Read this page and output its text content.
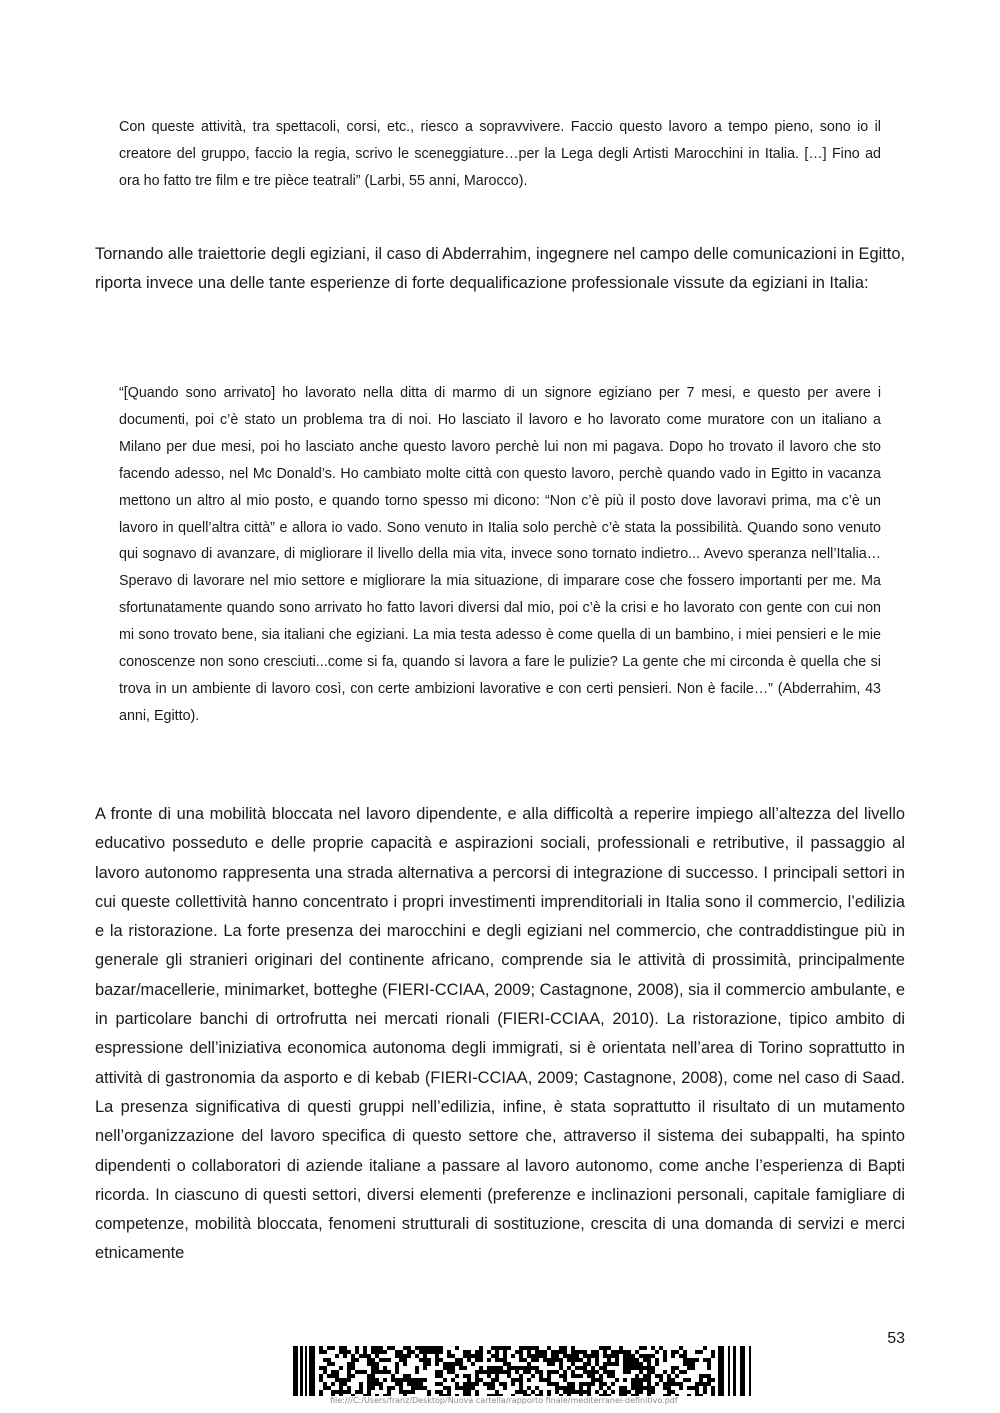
Con queste attività, tra spettacoli, corsi, etc., riesco a sopravvivere. Faccio questo lavoro a tempo pieno, sono io il creatore del gruppo, faccio la regia, scrivo le sceneggiature…per la Lega degli Artisti Marocchini in Italia. […] Fino ad ora ho fatto tre film e tre pièce teatrali” (Larbi, 55 anni, Marocco).

Tornando alle traiettorie degli egiziani, il caso di Abderrahim, ingegnere nel campo delle comunicazioni in Egitto, riporta invece una delle tante esperienze di forte dequalificazione professionale vissute da egiziani in Italia:

“[Quando sono arrivato] ho lavorato nella ditta di marmo di un signore egiziano per 7 mesi, e questo per avere i documenti, poi c’è stato un problema tra di noi. Ho lasciato il lavoro e ho lavorato come muratore con un italiano a Milano per due mesi, poi ho lasciato anche questo lavoro perchè lui non mi pagava. Dopo ho trovato il lavoro che sto facendo adesso, nel Mc Donald’s. Ho cambiato molte città con questo lavoro, perchè quando vado in Egitto in vacanza mettono un altro al mio posto, e quando torno spesso mi dicono: “Non c’è più il posto dove lavoravi prima, ma c’è un lavoro in quell’altra città” e allora io vado. Sono venuto in Italia solo perchè c’è stata la possibilità. Quando sono venuto qui sognavo di avanzare, di migliorare il livello della mia vita, invece sono tornato indietro... Avevo speranza nell’Italia… Speravo di lavorare nel mio settore e migliorare la mia situazione, di imparare cose che fossero importanti per me. Ma sfortunatamente quando sono arrivato ho fatto lavori diversi dal mio, poi c’è la crisi e ho lavorato con gente con cui non mi sono trovato bene, sia italiani che egiziani. La mia testa adesso è come quella di un bambino, i miei pensieri e le mie conoscenze non sono cresciuti...come si fa, quando si lavora a fare le pulizie? La gente che mi circonda è quella che si trova in un ambiente di lavoro così, con certe ambizioni lavorative e con certi pensieri. Non è facile…” (Abderrahim, 43 anni, Egitto).

A fronte di una mobilità bloccata nel lavoro dipendente, e alla difficoltà a reperire impiego all’altezza del livello educativo posseduto e delle proprie capacità e aspirazioni sociali, professionali e retributive, il passaggio al lavoro autonomo rappresenta una strada alternativa a percorsi di integrazione di successo. I principali settori in cui queste collettività hanno concentrato i propri investimenti imprenditoriali in Italia sono il commercio, l’edilizia e la ristorazione. La forte presenza dei marocchini e degli egiziani nel commercio, che contraddistingue più in generale gli stranieri originari del continente africano, comprende sia le attività di prossimità, principalmente bazar/macellerie, minimarket, botteghe (FIERI-CCIAA, 2009; Castagnone, 2008), sia il commercio ambulante, e in particolare banchi di ortrofrutta nei mercati rionali (FIERI-CCIAA, 2010). La ristorazione, tipico ambito di espressione dell’iniziativa economica autonoma degli immigrati, si è orientata nell’area di Torino soprattutto in attività di gastronomia da asporto e di kebab (FIERI-CCIAA, 2009; Castagnone, 2008), come nel caso di Saad. La presenza significativa di questi gruppi nell’edilizia, infine, è stata soprattutto il risultato di un mutamento nell’organizzazione del lavoro specifica di questo settore che, attraverso il sistema dei subappalti, ha spinto dipendenti o collaboratori di aziende italiane a passare al lavoro autonomo, come anche l’esperienza di Bapti ricorda. In ciascuno di questi settori, diversi elementi (preferenze e inclinazioni personali, capitale famigliare di competenze, mobilità bloccata, fenomeni strutturali di sostituzione, crescita di una domanda di servizi e merci etnicamente

53
file:///C:/Users/franz/Desktop/Nuova cartella/rapporto finale/mediterranei-definitivo.pdf
